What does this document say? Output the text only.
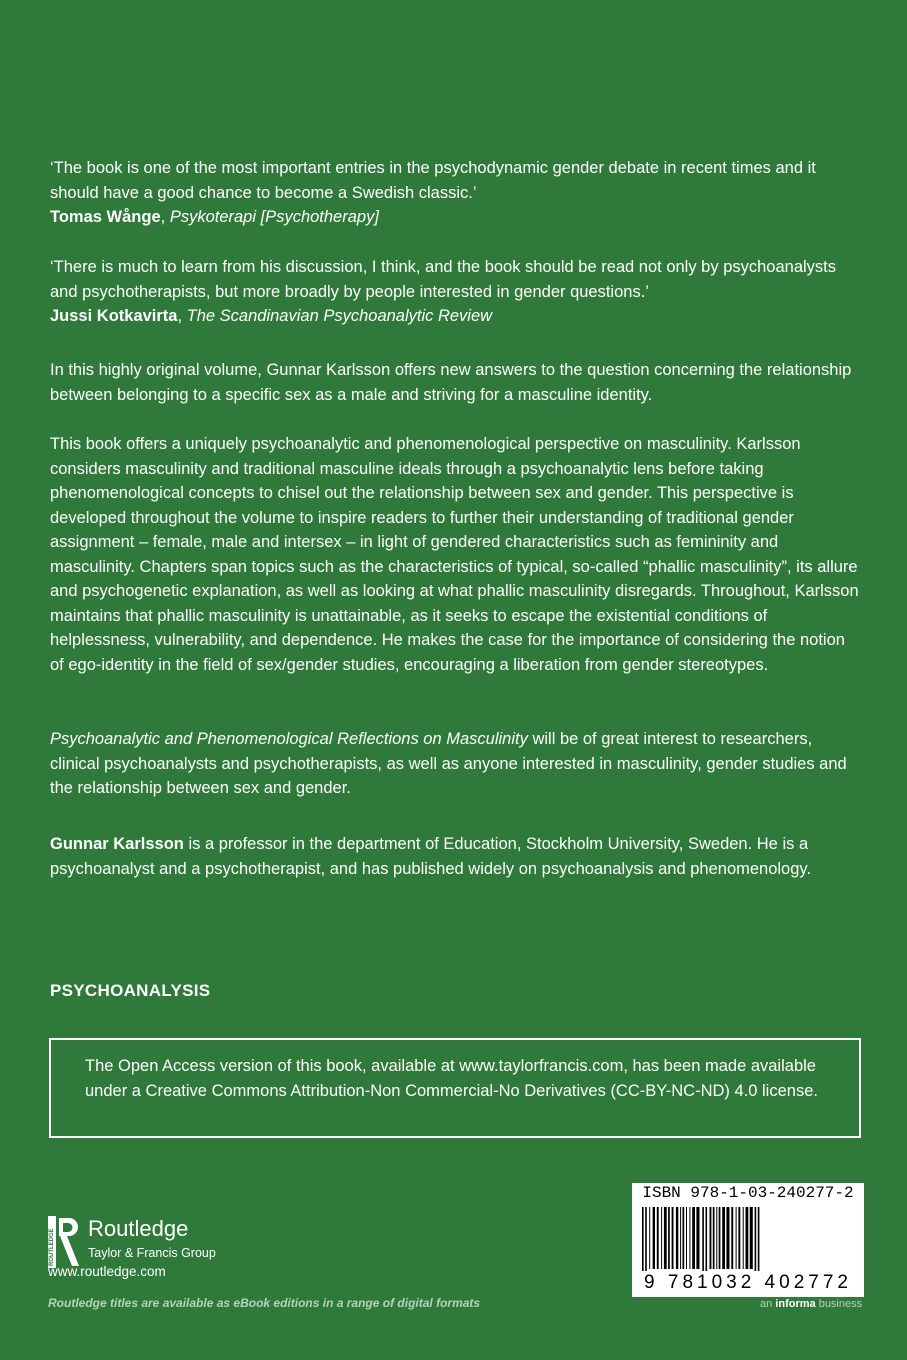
‘The book is one of the most important entries in the psychodynamic gender debate in recent times and it should have a good chance to become a Swedish classic.’

Tomas Wånge, Psykoterapi [Psychotherapy]

‘There is much to learn from his discussion, I think, and the book should be read not only by psychoanalysts and psychotherapists, but more broadly by people interested in gender questions.’

Jussi Kotkavirta, The Scandinavian Psychoanalytic Review

In this highly original volume, Gunnar Karlsson offers new answers to the question concerning the relationship between belonging to a specific sex as a male and striving for a masculine identity.

This book offers a uniquely psychoanalytic and phenomenological perspective on masculinity. Karlsson considers masculinity and traditional masculine ideals through a psychoanalytic lens before taking phenomenological concepts to chisel out the relationship between sex and gender. This perspective is developed throughout the volume to inspire readers to further their understanding of traditional gender assignment – female, male and intersex – in light of gendered characteristics such as femininity and masculinity. Chapters span topics such as the characteristics of typical, so-called “phallic masculinity”, its allure and psychogenetic explanation, as well as looking at what phallic masculinity disregards. Throughout, Karlsson maintains that phallic masculinity is unattainable, as it seeks to escape the existential conditions of helplessness, vulnerability, and dependence. He makes the case for the importance of considering the notion of ego-identity in the field of sex/gender studies, encouraging a liberation from gender stereotypes.

Psychoanalytic and Phenomenological Reflections on Masculinity will be of great interest to researchers, clinical psychoanalysts and psychotherapists, as well as anyone interested in masculinity, gender studies and the relationship between sex and gender.

Gunnar Karlsson is a professor in the department of Education, Stockholm University, Sweden. He is a psychoanalyst and a psychotherapist, and has published widely on psychoanalysis and phenomenology.

PSYCHOANALYSIS

The Open Access version of this book, available at www.taylorfrancis.com, has been made available under a Creative Commons Attribution-Non Commercial-No Derivatives (CC-BY-NC-ND) 4.0 license.

ROUTLEDGE Routledge
Taylor & Francis Group
www.routledge.com
Routledge titles are available as eBook editions in a range of digital formats
ISBN 978-1-03-240277-2
9 781032 402772
an informa business
